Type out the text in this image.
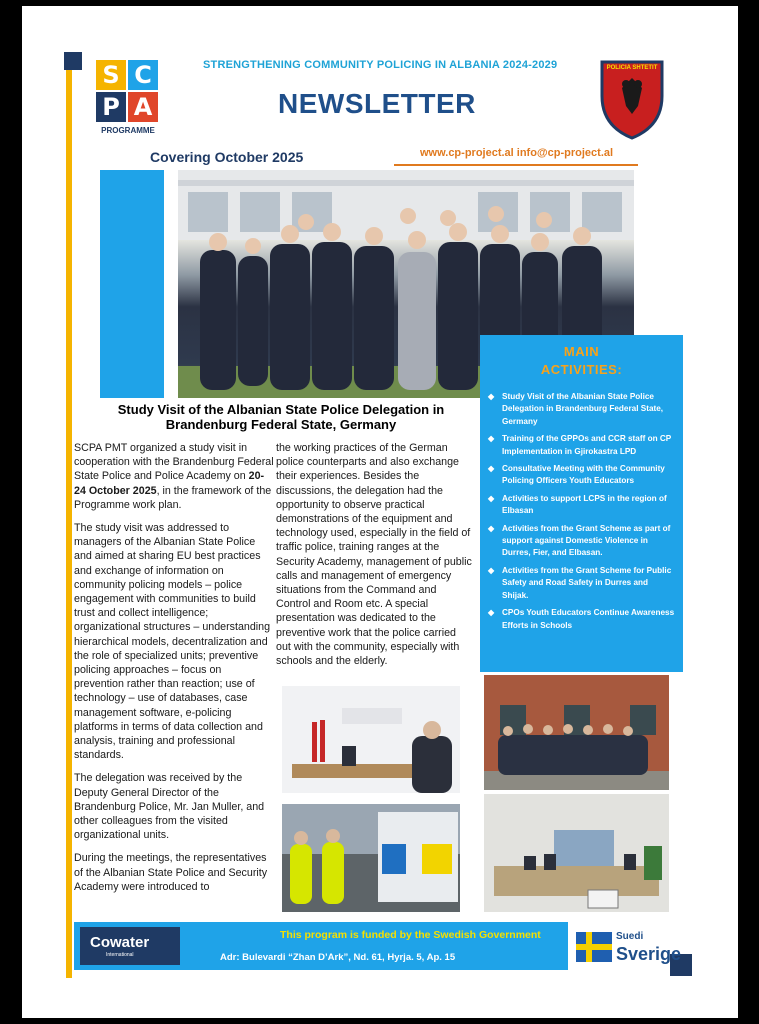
S C
P A
PROGRAMME
STRENGTHENING COMMUNITY POLICING IN ALBANIA 2024-2029
NEWSLETTER
Covering October 2025	www.cp-project.al info@cp-project.al
POLICIA SHTETIT
Study Visit of the Albanian State Police Delegation in
Brandenburg Federal State, Germany

SCPA PMT organized a study visit in cooperation with the Brandenburg Federal State Police and Police Academy on 20-24 October 2025, in the framework of the Programme work plan.

The study visit was addressed to managers of the Albanian State Police and aimed at sharing EU best practices and exchange of information on community policing models – police engagement with communities to build trust and collect intelligence; organizational structures – understanding hierarchical models, decentralization and the role of specialized units; preventive policing approaches – focus on prevention rather than reaction; use of technology – use of databases, case management software, e-policing platforms in terms of data collection and analysis, training and professional standards.

The delegation was received by the Deputy General Director of the Brandenburg Police, Mr. Jan Muller, and other colleagues from the visited organizational units.

During the meetings, the representatives of the Albanian State Police and Security Academy were introduced to

the working practices of the German police counterparts and also exchange their experiences. Besides the discussions, the delegation had the opportunity to observe practical demonstrations of the equipment and technology used, especially in the field of traffic police, training ranges at the Security Academy, management of public calls and management of emergency situations from the Command and Control and Room etc. A special presentation was dedicated to the preventive work that the police carried out with the community, especially with schools and the elderly.

MAIN
ACTIVITIES:
◆ Study Visit of the Albanian State Police Delegation in Brandenburg Federal State, Germany
◆ Training of the GPPOs and CCR staff on CP Implementation in Gjirokastra LPD
◆ Consultative Meeting with the Community Policing Officers Youth Educators
◆ Activities to support LCPS in the region of Elbasan
◆ Activities from the Grant Scheme as part of support against Domestic Violence in Durres, Fier, and Elbasan.
◆ Activities from the Grant Scheme for Public Safety and Road Safety in Durres and Shijak.
◆ CPOs Youth Educators Continue Awareness Efforts in Schools
Cowater
International
This program is funded by the Swedish Government
Adr: Bulevardi “Zhan D’Ark”, Nd. 61, Hyrja. 5, Ap. 15
Suedi
Sverige
